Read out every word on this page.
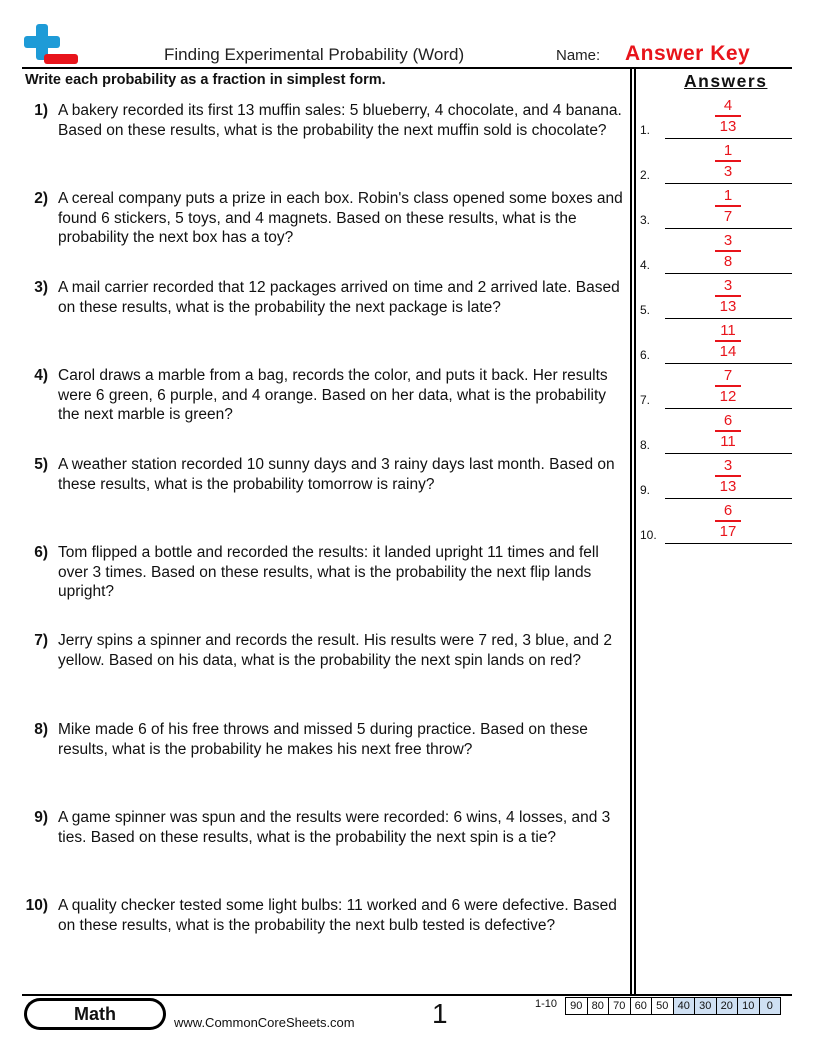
Finding Experimental Probability (Word)	Name: Answer Key
Write each probability as a fraction in simplest form.	Answers
1) A bakery recorded its first 13 muffin sales: 5 blueberry, 4 chocolate, and 4 banana. Based on these results, what is the probability the next muffin sold is chocolate?
2) A cereal company puts a prize in each box. Robin's class opened some boxes and found 6 stickers, 5 toys, and 4 magnets. Based on these results, what is the probability the next box has a toy?
3) A mail carrier recorded that 12 packages arrived on time and 2 arrived late. Based on these results, what is the probability the next package is late?
4) Carol draws a marble from a bag, records the color, and puts it back. Her results were 6 green, 6 purple, and 4 orange. Based on her data, what is the probability the next marble is green?
5) A weather station recorded 10 sunny days and 3 rainy days last month. Based on these results, what is the probability tomorrow is rainy?
6) Tom flipped a bottle and recorded the results: it landed upright 11 times and fell over 3 times. Based on these results, what is the probability the next flip lands upright?
7) Jerry spins a spinner and records the result. His results were 7 red, 3 blue, and 2 yellow. Based on his data, what is the probability the next spin lands on red?
8) Mike made 6 of his free throws and missed 5 during practice. Based on these results, what is the probability he makes his next free throw?
9) A game spinner was spun and the results were recorded: 6 wins, 4 losses, and 3 ties. Based on these results, what is the probability the next spin is a tie?
10) A quality checker tested some light bulbs: 11 worked and 6 were defective. Based on these results, what is the probability the next bulb tested is defective?
1.
4
13
2.
1
3
3.
1
7
4.
3
8
5.
3
13
6.
11
14
7.
7
12
8.
6
11
9.
3
13
10.
6
17
Math	www.CommonCoreSheets.com	1	1-10	90 80 70 60 50 40 30 20 10	0
